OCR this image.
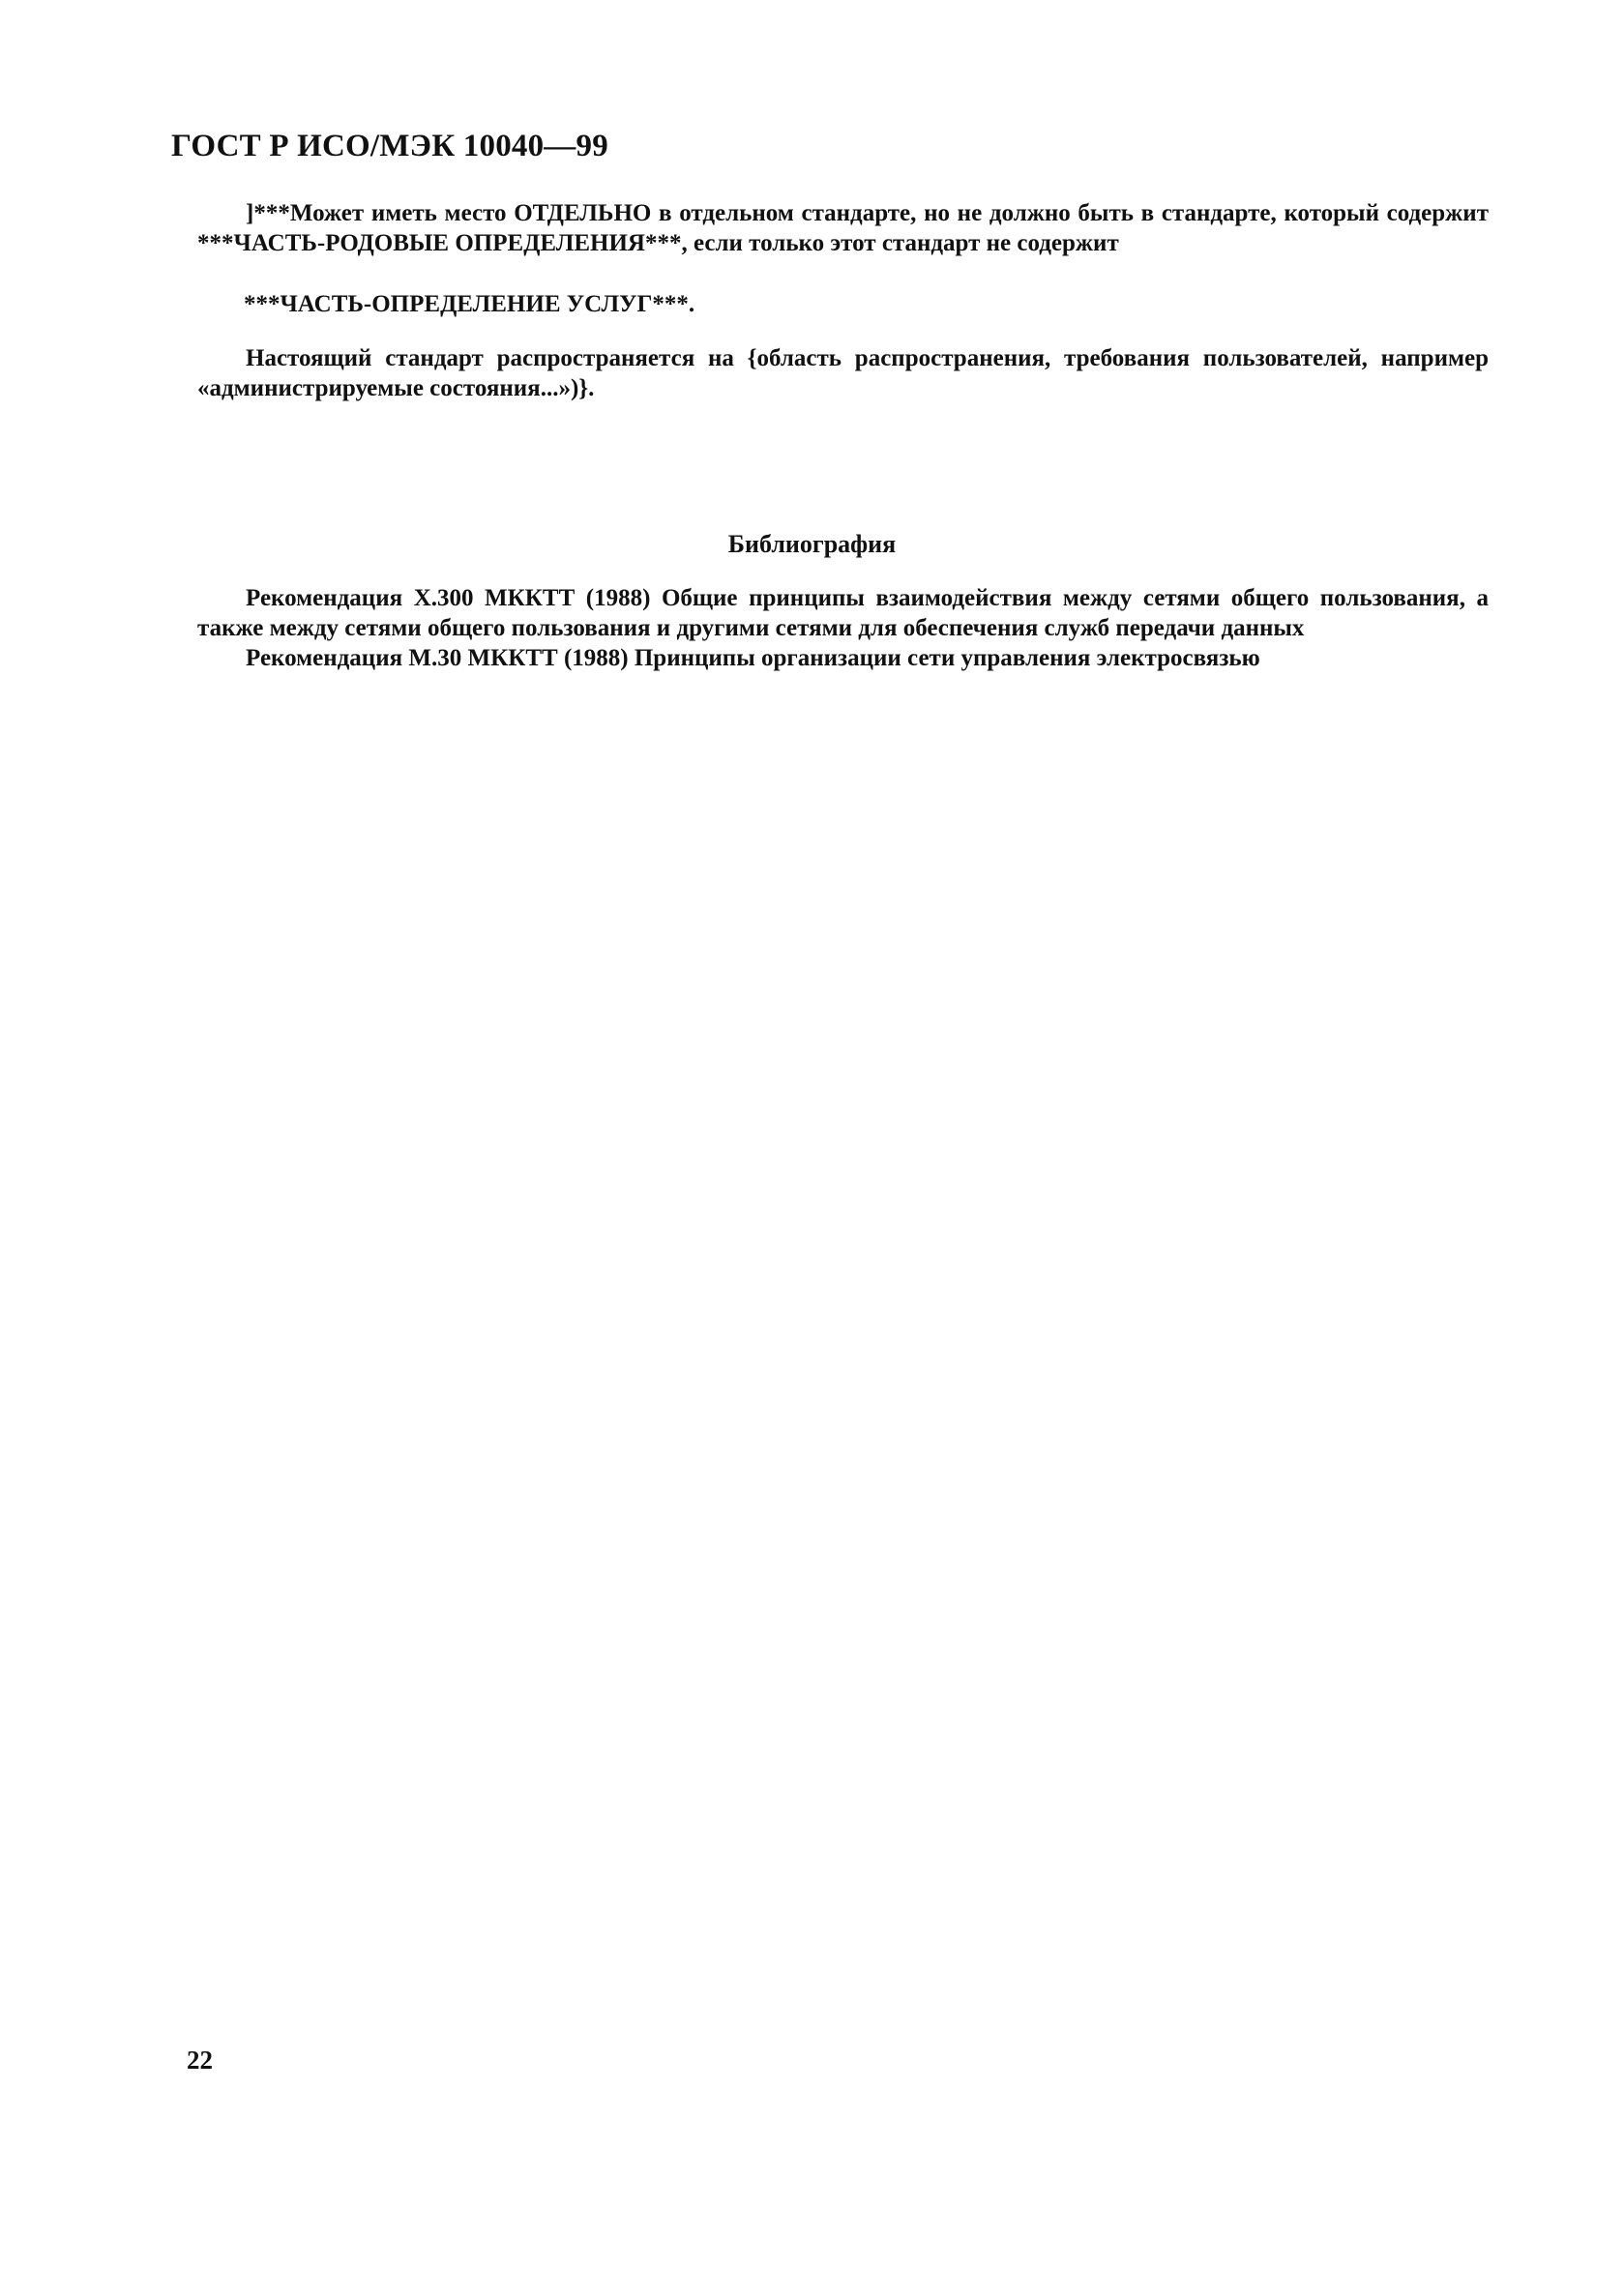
ГОСТ Р ИСО/МЭК 10040—99
]***Может иметь место ОТДЕЛЬНО в отдельном стандарте, но не должно быть в стандарте, который содержит ***ЧАСТЬ-РОДОВЫЕ ОПРЕДЕЛЕНИЯ***, если только этот стандарт не содержит
***ЧАСТЬ-ОПРЕДЕЛЕНИЕ УСЛУГ***.
Настоящий стандарт распространяется на {область распространения, требования пользователей, например «администрируемые состояния...»)}.
Библиография
Рекомендация Х.300 МККТТ (1988) Общие принципы взаимодействия между сетями общего пользования, а также между сетями общего пользования и другими сетями для обеспечения служб передачи данных
Рекомендация М.30 МККТТ (1988) Принципы организации сети управления электросвязью
22
